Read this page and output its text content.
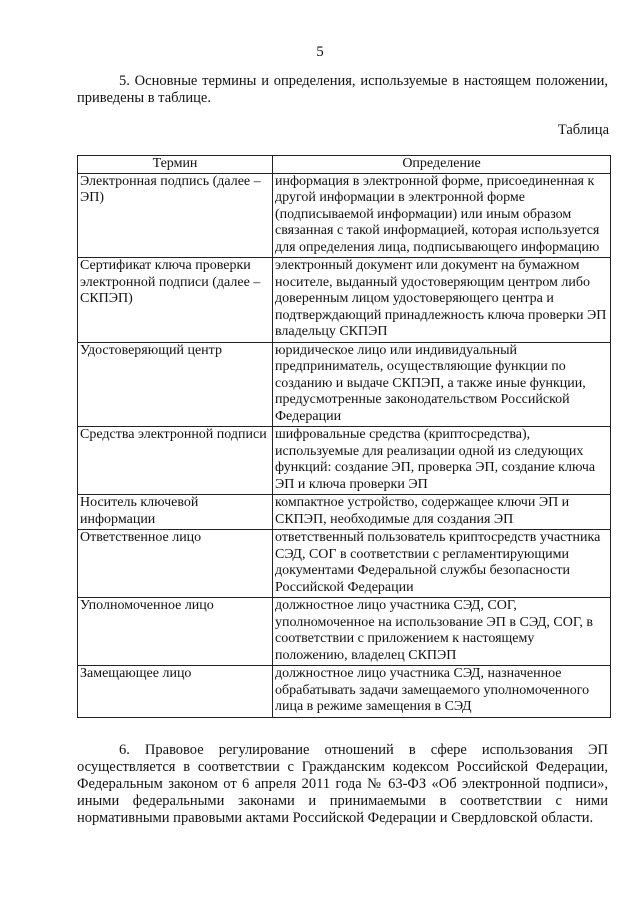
5

5. Основные термины и определения, используемые в настоящем положении, приведены в таблице.

Таблица
Термин	Определение
Электронная подпись (далее – ЭП)	информация в электронной форме, присоединенная к другой информации в электронной форме (подписываемой информации) или иным образом связанная с такой информацией, которая используется для определения лица, подписывающего информацию
Сертификат ключа проверки электронной подписи (далее – СКПЭП)	электронный документ или документ на бумажном носителе, выданный удостоверяющим центром либо доверенным лицом удостоверяющего центра и подтверждающий принадлежность ключа проверки ЭП владельцу СКПЭП
Удостоверяющий центр	юридическое лицо или индивидуальный предприниматель, осуществляющие функции по созданию и выдаче СКПЭП, а также иные функции, предусмотренные законодательством Российской Федерации
Средства электронной подписи	шифровальные средства (криптосредства), используемые для реализации одной из следующих функций: создание ЭП, проверка ЭП, создание ключа ЭП и ключа проверки ЭП
Носитель ключевой информации	компактное устройство, содержащее ключи ЭП и СКПЭП, необходимые для создания ЭП
Ответственное лицо	ответственный пользователь криптосредств участника СЭД, СОГ в соответствии с регламентирующими документами Федеральной службы безопасности Российской Федерации
Уполномоченное лицо	должностное лицо участника СЭД, СОГ, уполномоченное на использование ЭП в СЭД, СОГ, в соответствии с приложением к настоящему положению, владелец СКПЭП
Замещающее лицо	должностное лицо участника СЭД, назначенное обрабатывать задачи замещаемого уполномоченного лица в режиме замещения в СЭД

6. Правовое регулирование отношений в сфере использования ЭП осуществляется в соответствии с Гражданским кодексом Российской Федерации, Федеральным законом от 6 апреля 2011 года № 63-ФЗ «Об электронной подписи», иными федеральными законами и принимаемыми в соответствии с ними нормативными правовыми актами Российской Федерации и Свердловской области.
